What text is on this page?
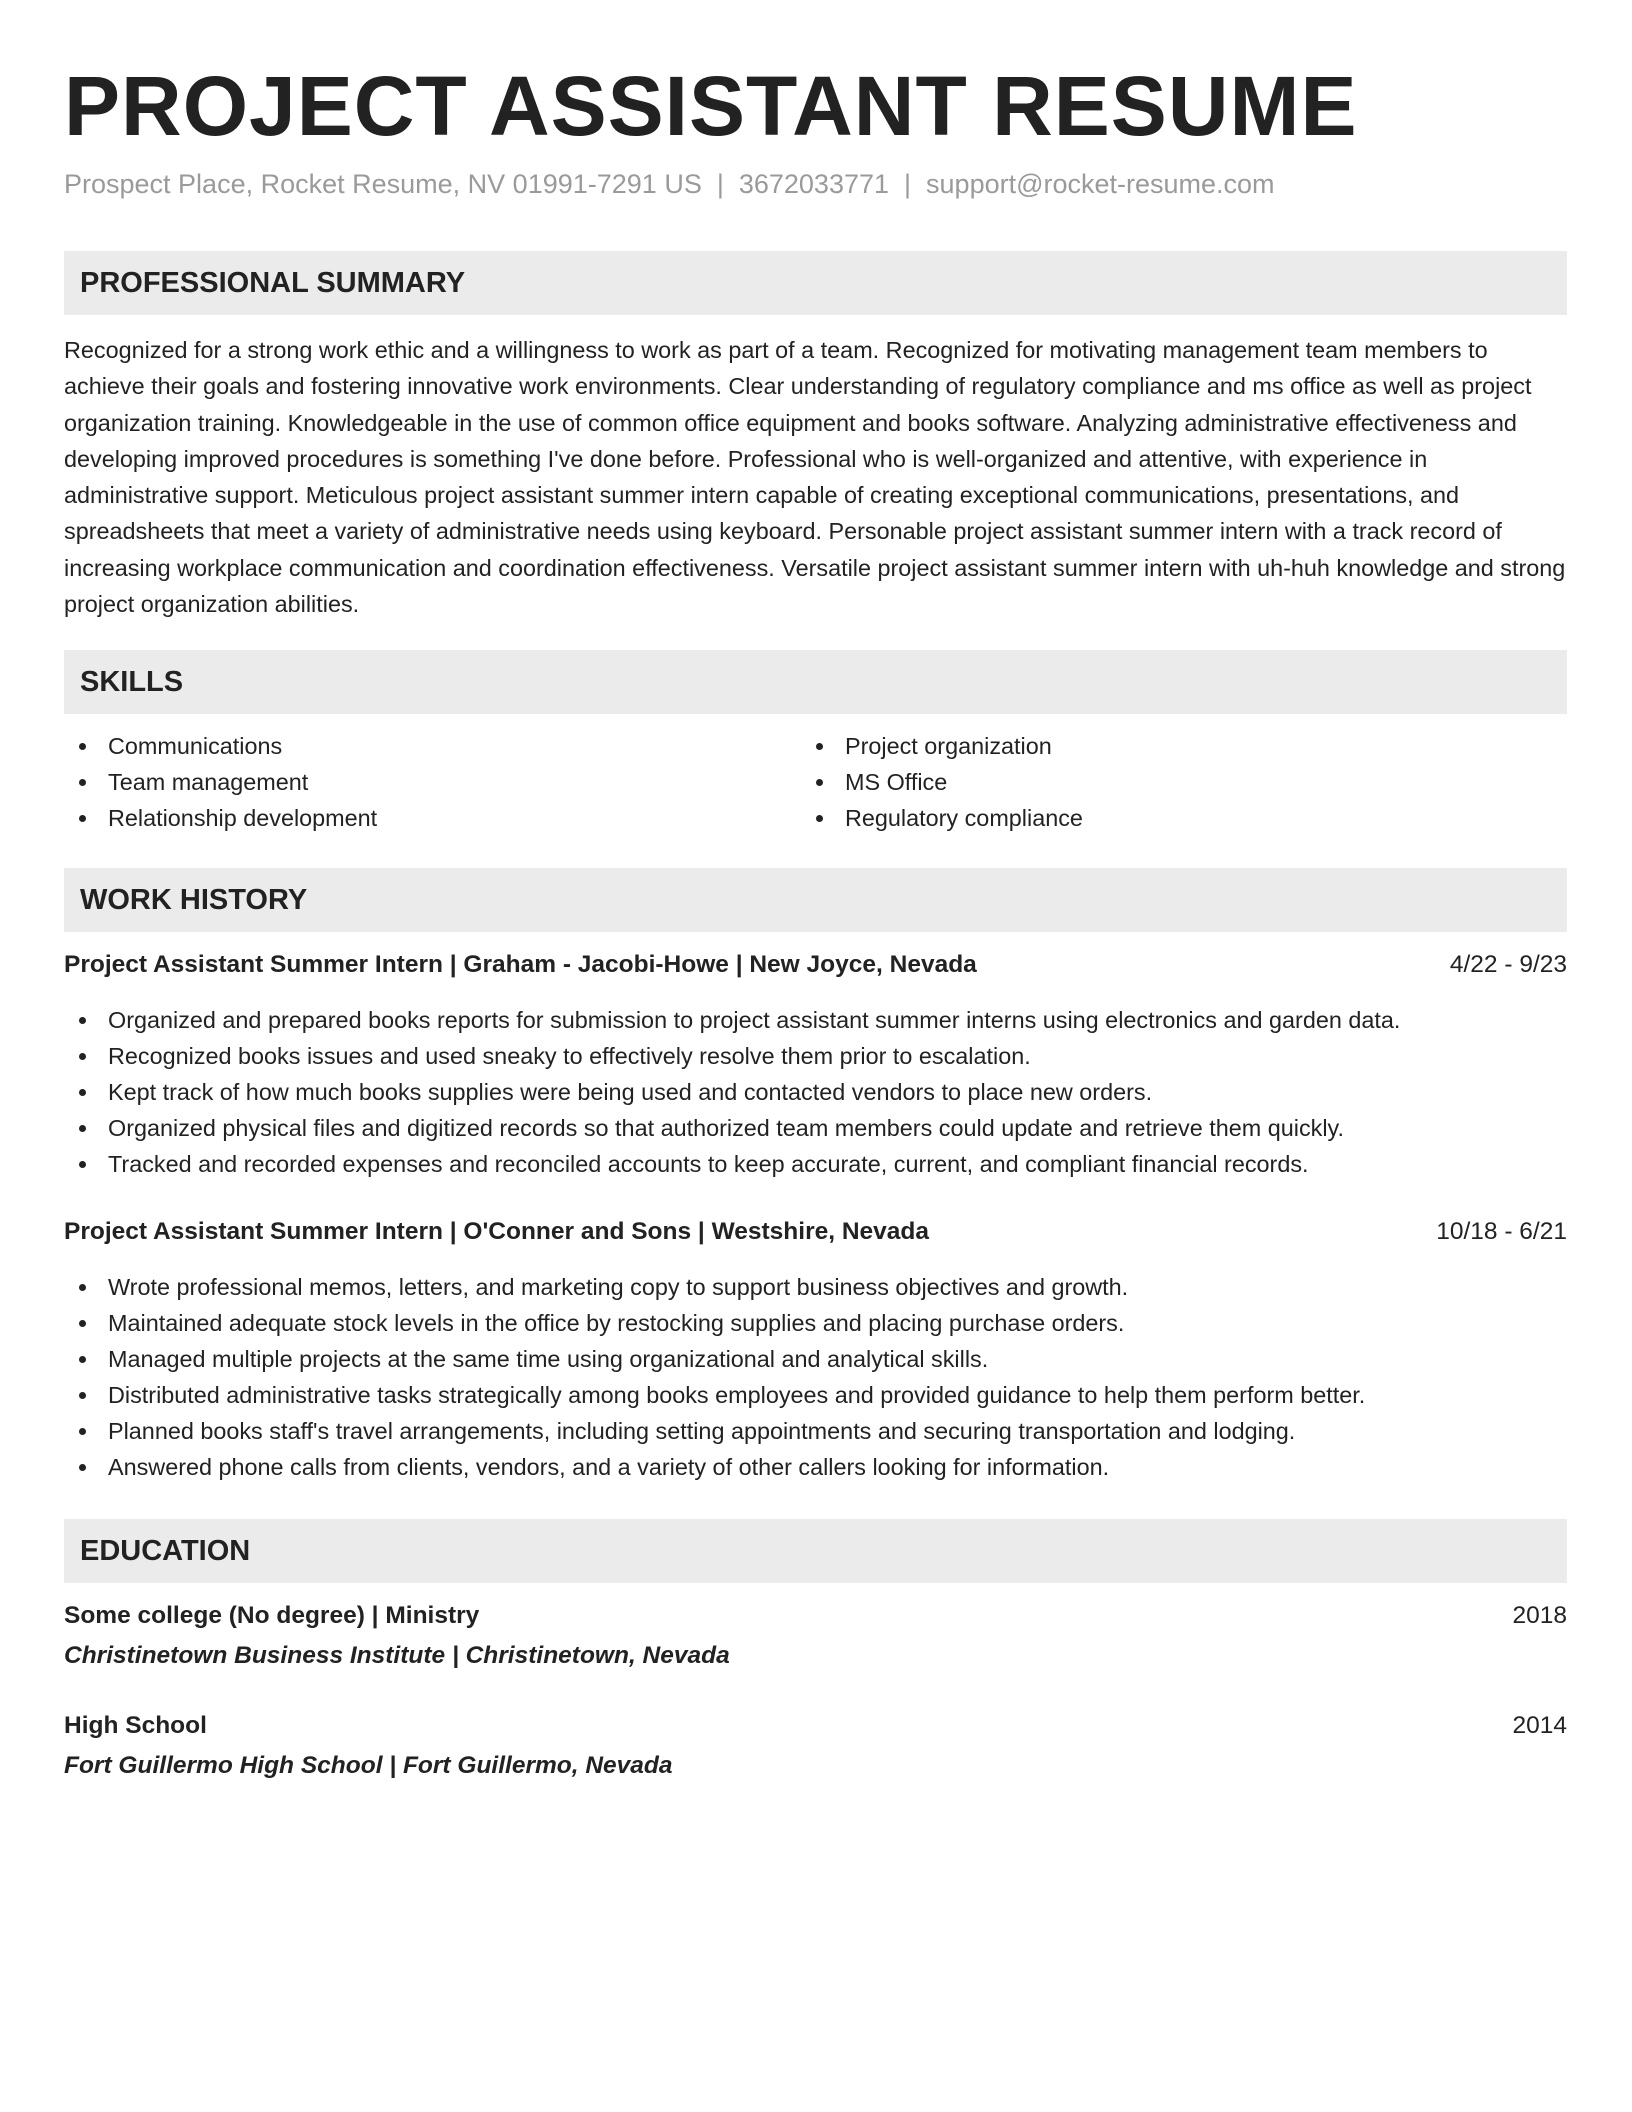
PROJECT ASSISTANT RESUME
Prospect Place, Rocket Resume, NV 01991-7291 US | 3672033771 | support@rocket-resume.com
PROFESSIONAL SUMMARY

Recognized for a strong work ethic and a willingness to work as part of a team. Recognized for motivating management team members to achieve their goals and fostering innovative work environments. Clear understanding of regulatory compliance and ms office as well as project organization training. Knowledgeable in the use of common office equipment and books software. Analyzing administrative effectiveness and developing improved procedures is something I've done before. Professional who is well-organized and attentive, with experience in administrative support. Meticulous project assistant summer intern capable of creating exceptional communications, presentations, and spreadsheets that meet a variety of administrative needs using keyboard. Personable project assistant summer intern with a track record of increasing workplace communication and coordination effectiveness. Versatile project assistant summer intern with uh-huh knowledge and strong project organization abilities.

SKILLS
Communications
Team management
Relationship development
Project organization
MS Office
Regulatory compliance
WORK HISTORY
Project Assistant Summer Intern | Graham - Jacobi-Howe | New Joyce, Nevada	4/22 - 9/23
Organized and prepared books reports for submission to project assistant summer interns using electronics and garden data.
Recognized books issues and used sneaky to effectively resolve them prior to escalation.
Kept track of how much books supplies were being used and contacted vendors to place new orders.
Organized physical files and digitized records so that authorized team members could update and retrieve them quickly.
Tracked and recorded expenses and reconciled accounts to keep accurate, current, and compliant financial records.
Project Assistant Summer Intern | O'Conner and Sons | Westshire, Nevada	10/18 - 6/21
Wrote professional memos, letters, and marketing copy to support business objectives and growth.
Maintained adequate stock levels in the office by restocking supplies and placing purchase orders.
Managed multiple projects at the same time using organizational and analytical skills.
Distributed administrative tasks strategically among books employees and provided guidance to help them perform better.
Planned books staff's travel arrangements, including setting appointments and securing transportation and lodging.
Answered phone calls from clients, vendors, and a variety of other callers looking for information.
EDUCATION
Some college (No degree) | Ministry	2018
Christinetown Business Institute | Christinetown, Nevada
High School	2014
Fort Guillermo High School | Fort Guillermo, Nevada
